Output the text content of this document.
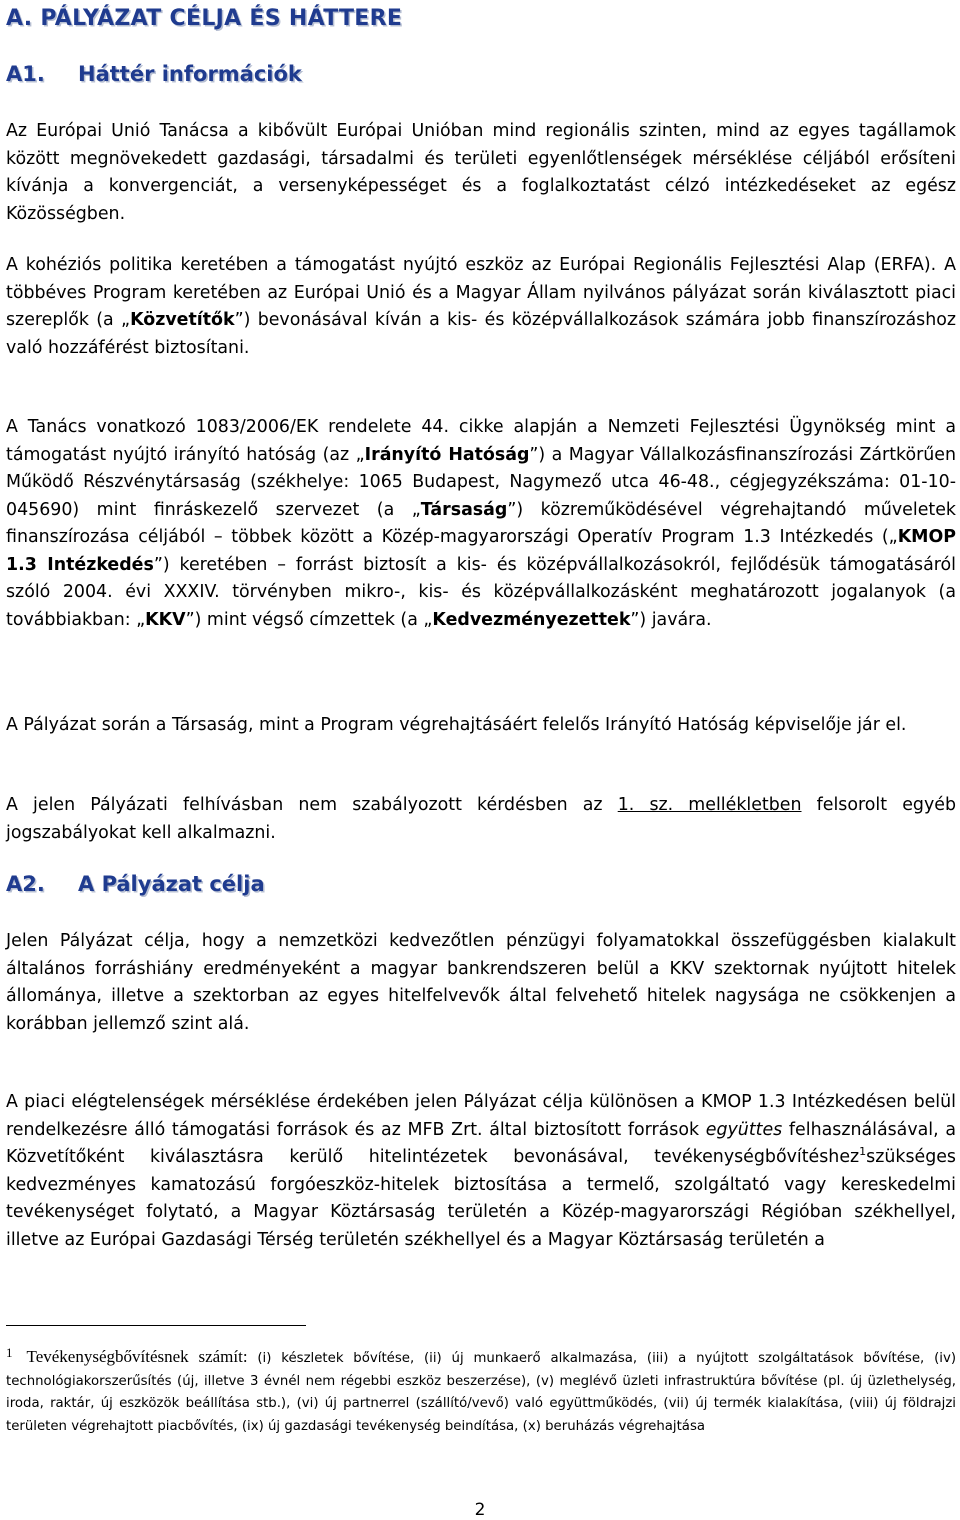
A. PÁLYÁZAT CÉLJA ÉS HÁTTERE
A1. Háttér információk

Az Európai Unió Tanácsa a kibővült Európai Unióban mind regionális szinten, mind az egyes tagállamok között megnövekedett gazdasági, társadalmi és területi egyenlőtlenségek mérséklése céljából erősíteni kívánja a konvergenciát, a versenyképességet és a foglalkoztatást célzó intézkedéseket az egész Közösségben.

A kohéziós politika keretében a támogatást nyújtó eszköz az Európai Regionális Fejlesztési Alap (ERFA). A többéves Program keretében az Európai Unió és a Magyar Állam nyilvános pályázat során kiválasztott piaci szereplők (a „Közvetítők”) bevonásával kíván a kis- és középvállalkozások számára jobb finanszírozáshoz való hozzáférést biztosítani.

A Tanács vonatkozó 1083/2006/EK rendelete 44. cikke alapján a Nemzeti Fejlesztési Ügynökség mint a támogatást nyújtó irányító hatóság (az „Irányító Hatóság”) a Magyar Vállalkozásfinanszírozási Zártkörűen Működő Részvénytársaság (székhelye: 1065 Budapest, Nagymező utca 46-48., cégjegyzékszáma: 01-10-045690) mint finráskezelő szervezet (a „Társaság”) közreműködésével végrehajtandó műveletek finanszírozása céljából – többek között a Közép-magyarországi Operatív Program 1.3 Intézkedés („KMOP 1.3 Intézkedés”) keretében – forrást biztosít a kis- és középvállalkozásokról, fejlődésük támogatásáról szóló 2004. évi XXXIV. törvényben mikro-, kis- és középvállalkozásként meghatározott jogalanyok (a továbbiakban: „KKV”) mint végső címzettek (a „Kedvezményezettek”) javára.

A Pályázat során a Társaság, mint a Program végrehajtásáért felelős Irányító Hatóság képviselője jár el.

A jelen Pályázati felhívásban nem szabályozott kérdésben az 1. sz. mellékletben felsorolt egyéb jogszabályokat kell alkalmazni.

A2. A Pályázat célja

Jelen Pályázat célja, hogy a nemzetközi kedvezőtlen pénzügyi folyamatokkal összefüggésben kialakult általános forráshiány eredményeként a magyar bankrendszeren belül a KKV szektornak nyújtott hitelek állománya, illetve a szektorban az egyes hitelfelvevők által felvehető hitelek nagysága ne csökkenjen a korábban jellemző szint alá.

A piaci elégtelenségek mérséklése érdekében jelen Pályázat célja különösen a KMOP 1.3 Intézkedésen belül rendelkezésre álló támogatási források és az MFB Zrt. által biztosított források együttes felhasználásával, a Közvetítőként kiválasztásra kerülő hitelintézetek bevonásával, tevékenységbővítéshez$^1$szükséges kedvezményes kamatozású forgóeszköz-hitelek biztosítása a termelő, szolgáltató vagy kereskedelmi tevékenységet folytató, a Magyar Köztársaság területén a Közép-magyarországi Régióban székhellyel, illetve az Európai Gazdasági Térség területén székhellyel és a Magyar Köztársaság területén a

1 Tevékenységbővítésnek számít: (i) készletek bővítése, (ii) új munkaerő alkalmazása, (iii) a nyújtott szolgáltatások bővítése, (iv) technológiakorszerűsítés (új, illetve 3 évnél nem régebbi eszköz beszerzése), (v) meglévő üzleti infrastruktúra bővítése (pl. új üzlethelység, iroda, raktár, új eszközök beállítása stb.), (vi) új partnerrel (szállító/vevő) való együttműködés, (vii) új termék kialakítása, (viii) új földrajzi területen végrehajtott piacbővítés, (ix) új gazdasági tevékenység beindítása, (x) beruházás végrehajtása

2
